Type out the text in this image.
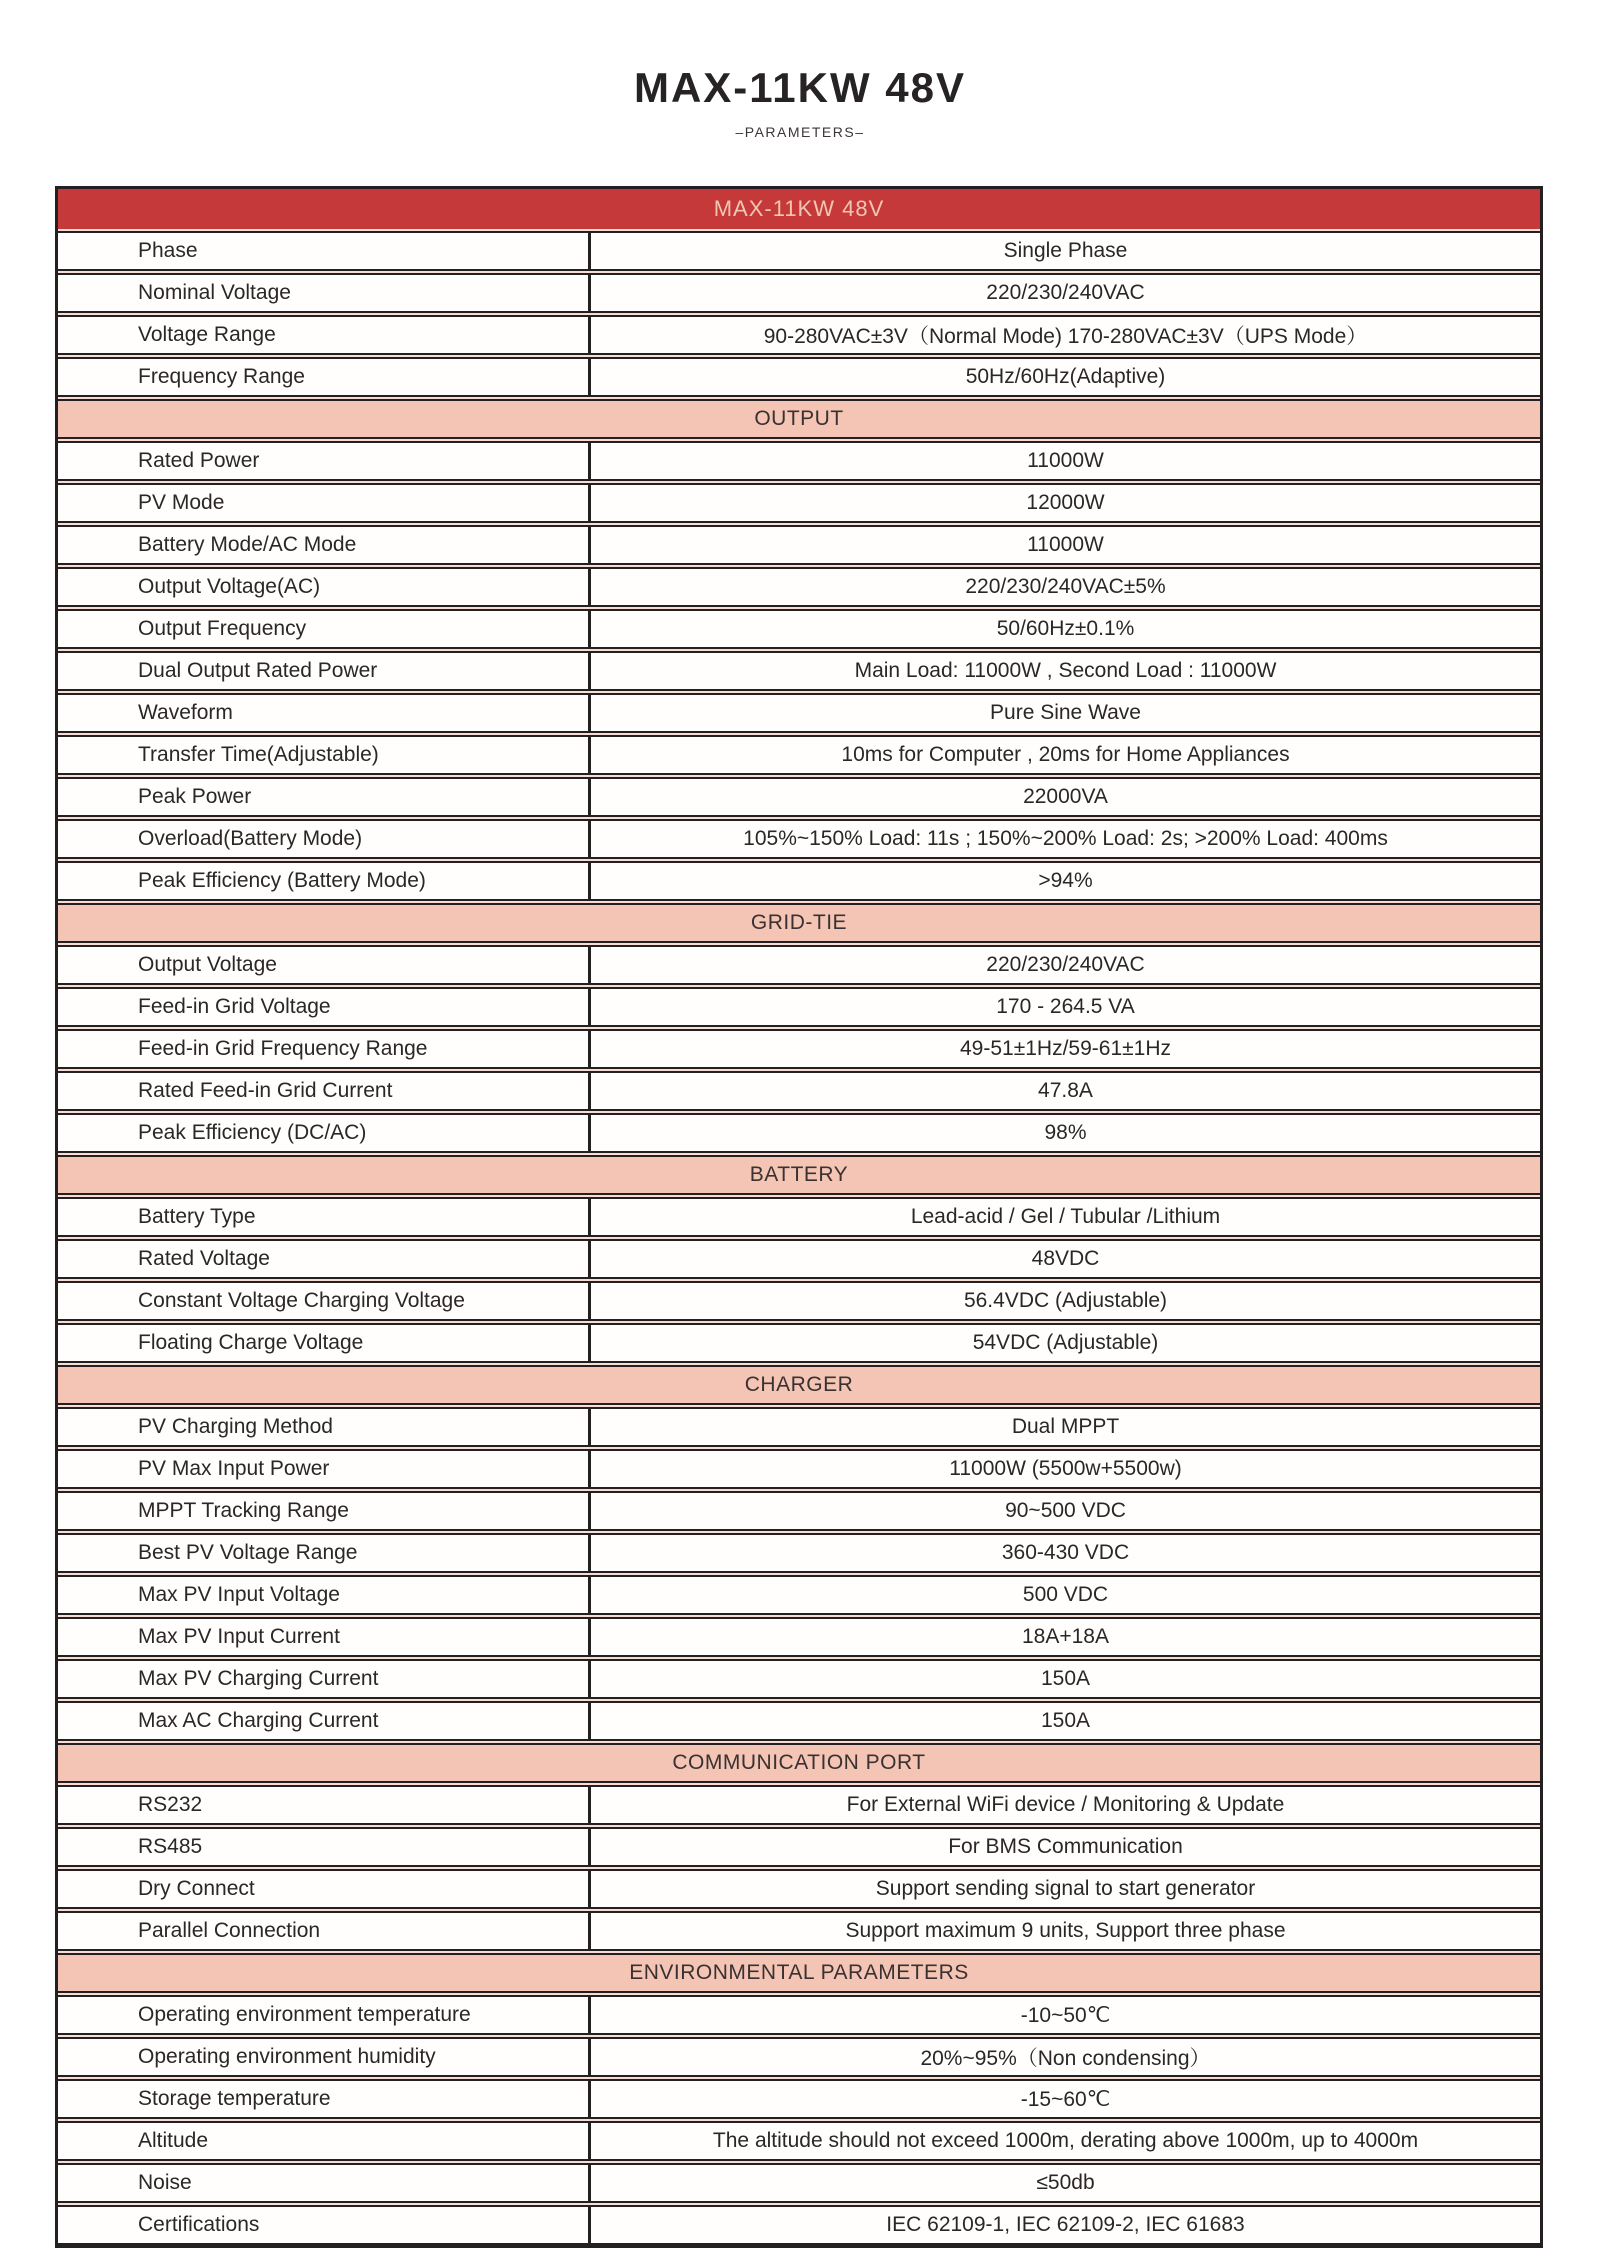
MAX-11KW 48V
–PARAMETERS–
MAX-11KW 48V
Phase	Single Phase
Nominal Voltage	220/230/240VAC
Voltage Range	90-280VAC±3V（Normal Mode) 170-280VAC±3V（UPS Mode）
Frequency Range	50Hz/60Hz(Adaptive)
OUTPUT
Rated Power	11000W
PV Mode	12000W
Battery Mode/AC Mode	11000W
Output Voltage(AC)	220/230/240VAC±5%
Output Frequency	50/60Hz±0.1%
Dual Output Rated Power	Main Load: 11000W , Second Load : 11000W
Waveform	Pure Sine Wave
Transfer Time(Adjustable)	10ms for Computer , 20ms for Home Appliances
Peak Power	22000VA
Overload(Battery Mode)	105%~150% Load: 11s ; 150%~200% Load: 2s; >200% Load: 400ms
Peak Efficiency (Battery Mode)	>94%
GRID-TIE
Output Voltage	220/230/240VAC
Feed-in Grid Voltage	170 - 264.5 VA
Feed-in Grid Frequency Range	49-51±1Hz/59-61±1Hz
Rated Feed-in Grid Current	47.8A
Peak Efficiency (DC/AC)	98%
BATTERY
Battery Type	Lead-acid / Gel / Tubular /Lithium
Rated Voltage	48VDC
Constant Voltage Charging Voltage	56.4VDC (Adjustable)
Floating Charge Voltage	54VDC (Adjustable)
CHARGER
PV Charging Method	Dual MPPT
PV Max Input Power	11000W (5500w+5500w)
MPPT Tracking Range	90~500 VDC
Best PV Voltage Range	360-430 VDC
Max PV Input Voltage	500 VDC
Max PV Input Current	18A+18A
Max PV Charging Current	150A
Max AC Charging Current	150A
COMMUNICATION PORT
RS232	For External WiFi device / Monitoring & Update
RS485	For BMS Communication
Dry Connect	Support sending signal to start generator
Parallel Connection	Support maximum 9 units, Support three phase
ENVIRONMENTAL PARAMETERS
Operating environment temperature	-10~50℃
Operating environment humidity	20%~95%（Non condensing）
Storage temperature	-15~60℃
Altitude	The altitude should not exceed 1000m, derating above 1000m, up to 4000m
Noise	≤50db
Certifications	IEC 62109-1, IEC 62109-2, IEC 61683
